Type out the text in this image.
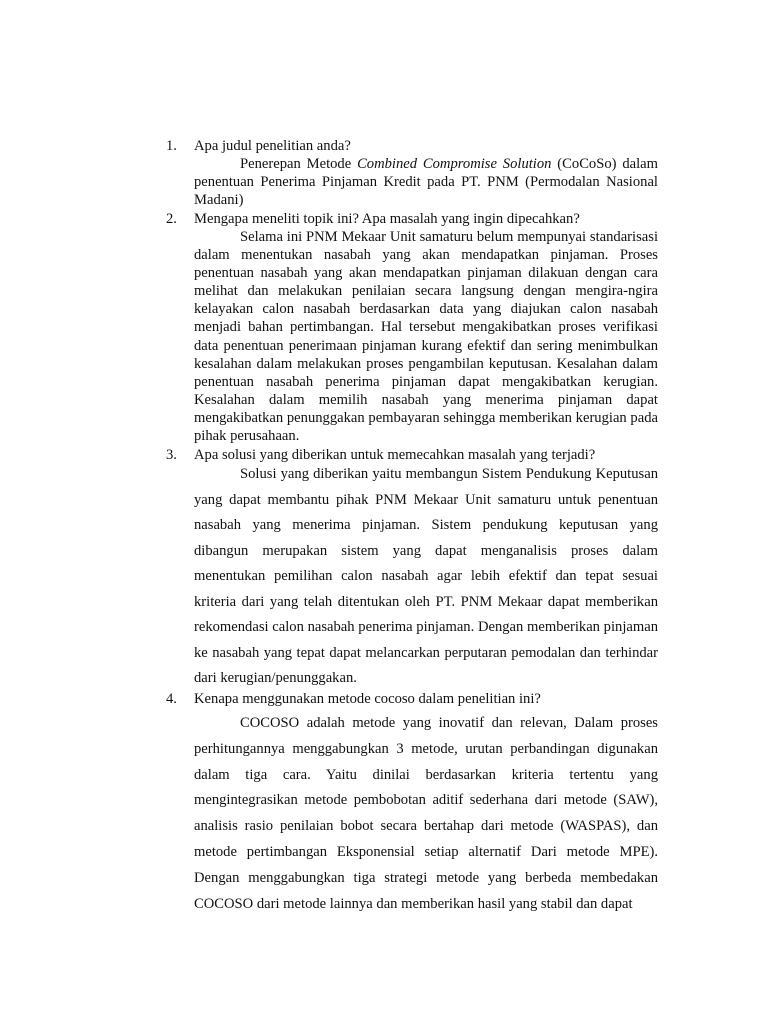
1.	Apa judul penelitian anda?

Penerepan Metode Combined Compromise Solution (CoCoSo) dalam penentuan Penerima Pinjaman Kredit pada PT. PNM (Permodalan Nasional Madani)

2.	Mengapa meneliti topik ini? Apa masalah yang ingin dipecahkan?

Selama ini PNM Mekaar Unit samaturu belum mempunyai standarisasi dalam menentukan nasabah yang akan mendapatkan pinjaman. Proses penentuan nasabah yang akan mendapatkan pinjaman dilakuan dengan cara melihat dan melakukan penilaian secara langsung dengan mengira-ngira kelayakan calon nasabah berdasarkan data yang diajukan calon nasabah menjadi bahan pertimbangan. Hal tersebut mengakibatkan proses verifikasi data penentuan penerimaan pinjaman kurang efektif dan sering menimbulkan kesalahan dalam melakukan proses pengambilan keputusan. Kesalahan dalam penentuan nasabah penerima pinjaman dapat mengakibatkan kerugian. Kesalahan dalam memilih nasabah yang menerima pinjaman dapat mengakibatkan penunggakan pembayaran sehingga memberikan kerugian pada pihak perusahaan.

3.	Apa solusi yang diberikan untuk memecahkan masalah yang terjadi?

Solusi yang diberikan yaitu membangun Sistem Pendukung Keputusan yang dapat membantu pihak PNM Mekaar Unit samaturu untuk penentuan nasabah yang menerima pinjaman. Sistem pendukung keputusan yang dibangun merupakan sistem yang dapat menganalisis proses dalam menentukan pemilihan calon nasabah agar lebih efektif dan tepat sesuai kriteria dari yang telah ditentukan oleh PT. PNM Mekaar dapat memberikan rekomendasi calon nasabah penerima pinjaman. Dengan memberikan pinjaman ke nasabah yang tepat dapat melancarkan perputaran pemodalan dan terhindar dari kerugian/penunggakan.

4.	Kenapa menggunakan metode cocoso dalam penelitian ini?

COCOSO adalah metode yang inovatif dan relevan, Dalam proses perhitungannya menggabungkan 3 metode, urutan perbandingan digunakan dalam tiga cara. Yaitu dinilai berdasarkan kriteria tertentu yang mengintegrasikan metode pembobotan aditif sederhana dari metode (SAW), analisis rasio penilaian bobot secara bertahap dari metode (WASPAS), dan metode pertimbangan Eksponensial setiap alternatif Dari metode MPE). Dengan menggabungkan tiga strategi metode yang berbeda membedakan COCOSO dari metode lainnya dan memberikan hasil yang stabil dan dapat
